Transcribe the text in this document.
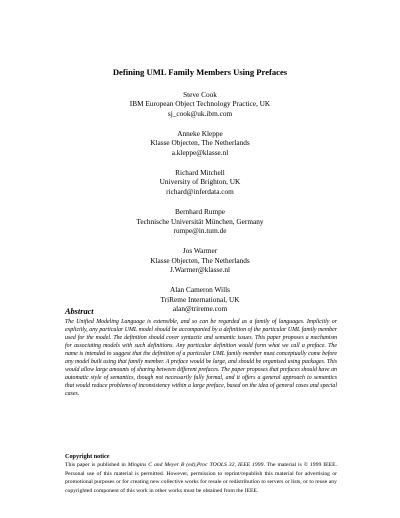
Defining UML Family Members Using Prefaces
Steve Cook
IBM European Object Technology Practice, UK
sj_cook@uk.ibm.com
Anneke Kleppe
Klasse Objecten, The Netherlands
a.kleppe@klasse.nl
Richard Mitchell
University of Brighton, UK
richard@inferdata.com
Bernhard Rumpe
Technische Universität München, Germany
rumpe@in.tum.de
Jos Warmer
Klasse Objecten, The Netherlands
J.Warmer@klasse.nl
Alan Cameron Wills
TriReme International, UK
alan@trireme.com
Abstract
The Unified Modeling Language is extensible, and so can be regarded as a family of languages. Implicitly or explicitly, any particular UML model should be accompanied by a definition of the particular UML family member used for the model. The definition should cover syntactic and semantic issues. This paper proposes a mechanism for associating models with such definitions. Any particular definition would form what we call a preface. The name is intended to suggest that the definition of a particular UML family member must conceptually come before any model built using that family member. A preface would be large, and should be organised using packages. This would allow large amounts of sharing between different prefaces. The paper proposes that prefaces should have an automatic style of semantics, though not necessarily fully formal, and it offers a general approach to semantics that would reduce problems of inconsistency within a large preface, based on the idea of general cases and special cases.
Copyright notice
This paper is published in Mingins C and Meyer B (ed),Proc TOOLS 32, IEEE 1999. The material is © 1999 IEEE. Personal use of this material is permitted. However, permission to reprint/republish this material for advertising or promotional purposes or for creating new collective works for resale or redistribution to servers or lists, or to reuse any copyrighted component of this work in other works must be obtained from the IEEE.
